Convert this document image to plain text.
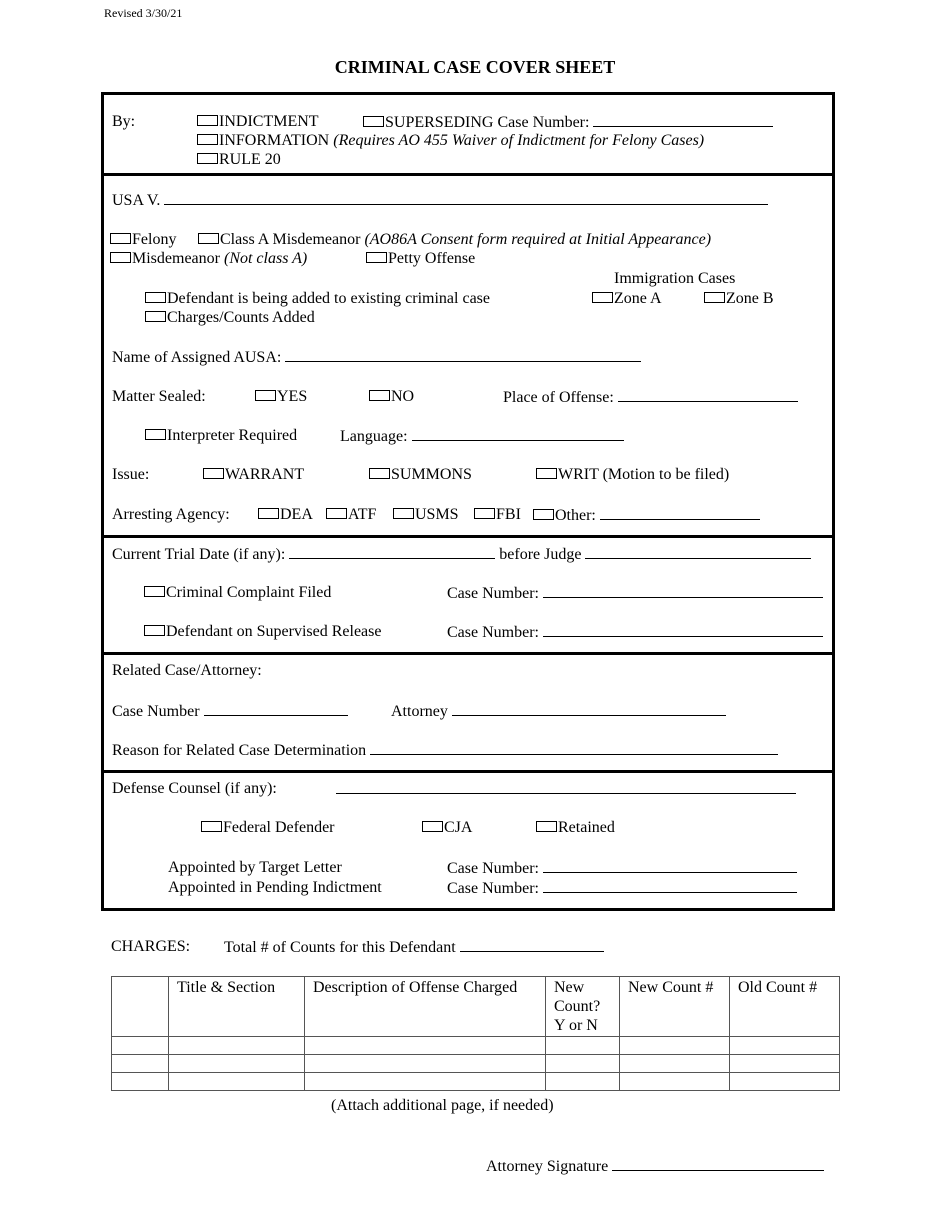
Revised 3/30/21
CRIMINAL CASE COVER SHEET
By:	INDICTMENT	SUPERSEDING Case Number:
INFORMATION (Requires AO 455 Waiver of Indictment for Felony Cases)
RULE 20
USA V.
Felony	Class A Misdemeanor (AO86A Consent form required at Initial Appearance)
Misdemeanor (Not class A)	Petty Offense
Immigration Cases
Zone A	Zone B
Defendant is being added to existing criminal case
Charges/Counts Added
Name of Assigned AUSA:
Matter Sealed:	YES	NO	Place of Offense:
Interpreter Required	Language:
Issue:	WARRANT	SUMMONS	WRIT (Motion to be filed)
Arresting Agency:	DEA	ATF	USMS	FBI	Other:
Current Trial Date (if any):	before Judge
Criminal Complaint Filed	Case Number:
Defendant on Supervised Release	Case Number:
Related Case/Attorney:
Case Number	Attorney
Reason for Related Case Determination
Defense Counsel (if any):
Federal Defender	CJA	Retained
Appointed by Target Letter	Case Number:
Appointed in Pending Indictment	Case Number:
CHARGES: Total # of Counts for this Defendant
	Title & Section	Description of Offense Charged	New Count? Y or N	New Count #	Old Count #

(Attach additional page, if needed)
Attorney Signature
